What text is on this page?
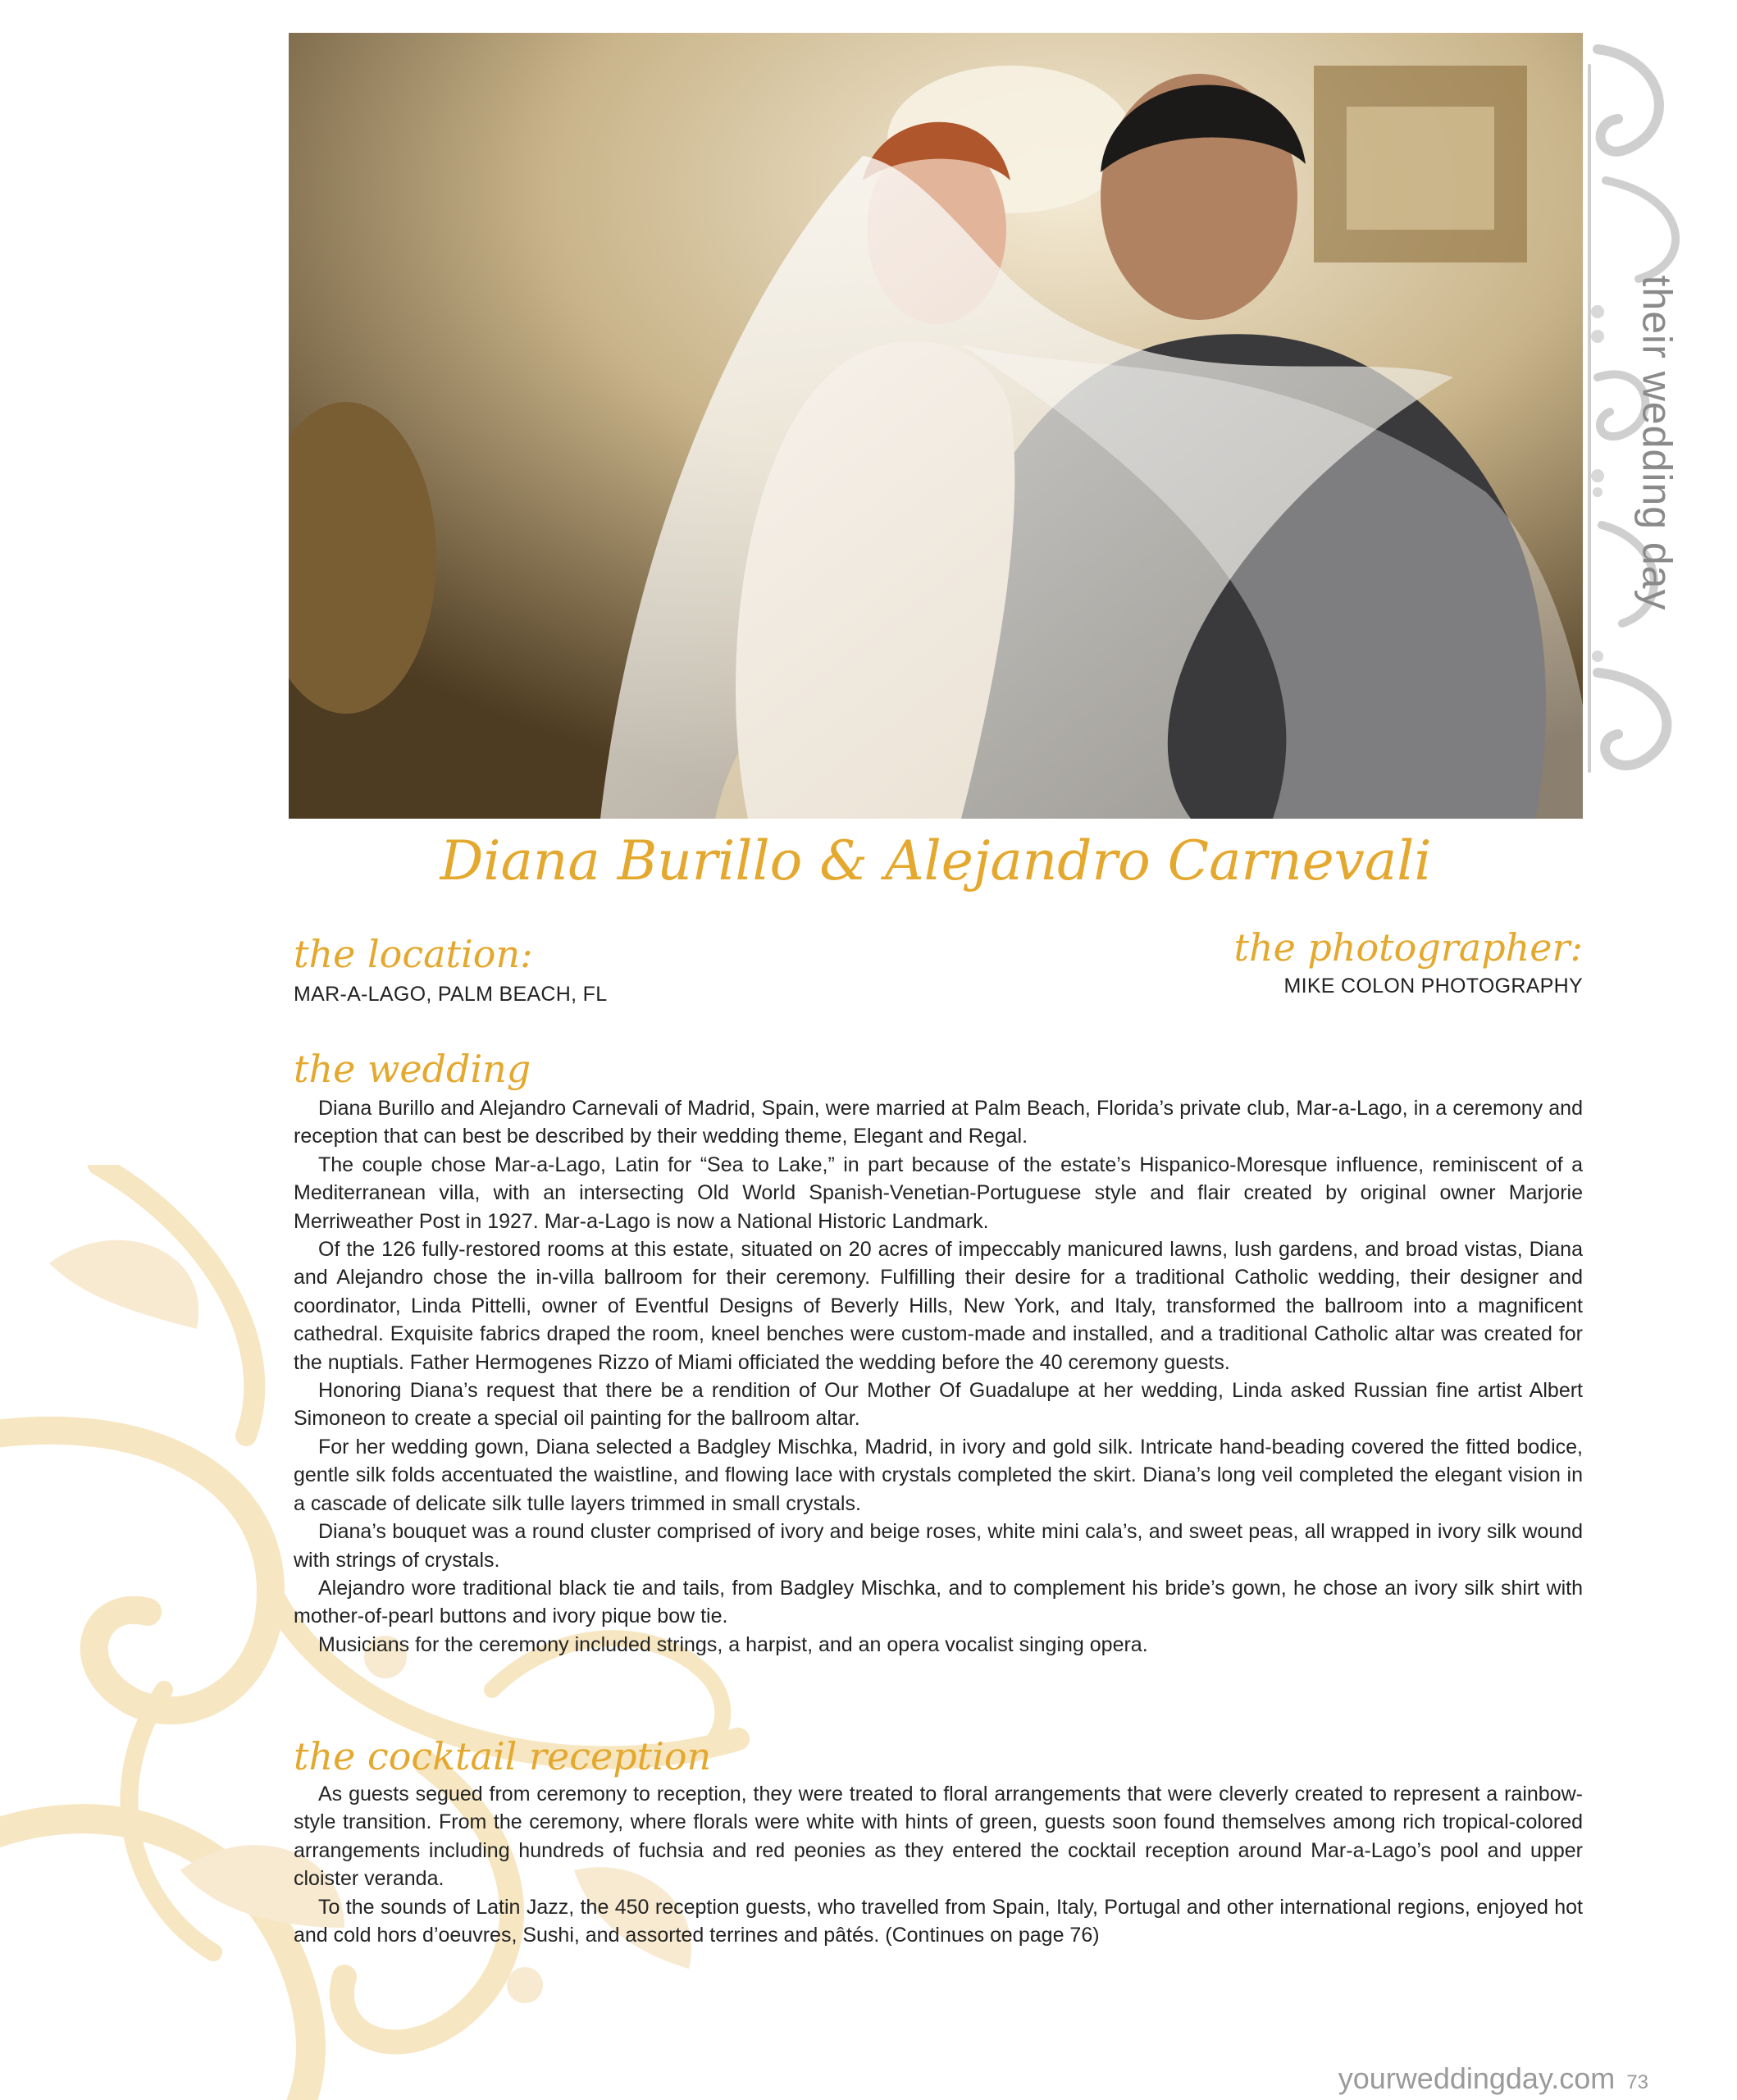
their wedding day
Diana Burillo & Alejandro Carnevali
the location:
MAR-A-LAGO, PALM BEACH, FL
the photographer:
MIKE COLON PHOTOGRAPHY
the wedding

Diana Burillo and Alejandro Carnevali of Madrid, Spain, were married at Palm Beach, Florida’s private club, Mar-a-Lago, in a ceremony and reception that can best be described by their wedding theme, Elegant and Regal.

The couple chose Mar-a-Lago, Latin for “Sea to Lake,” in part because of the estate’s Hispanico-Moresque influence, reminiscent of a Mediterranean villa, with an intersecting Old World Spanish-Venetian-Portuguese style and flair created by original owner Marjorie Merriweather Post in 1927. Mar-a-Lago is now a National Historic Landmark.

Of the 126 fully-restored rooms at this estate, situated on 20 acres of impeccably manicured lawns, lush gardens, and broad vistas, Diana and Alejandro chose the in-villa ballroom for their ceremony. Fulfilling their desire for a traditional Catholic wedding, their designer and coordinator, Linda Pittelli, owner of Eventful Designs of Beverly Hills, New York, and Italy, transformed the ballroom into a magnificent cathedral. Exquisite fabrics draped the room, kneel benches were custom-made and installed, and a traditional Catholic altar was created for the nuptials. Father Hermogenes Rizzo of Miami officiated the wedding before the 40 ceremony guests.

Honoring Diana’s request that there be a rendition of Our Mother Of Guadalupe at her wedding, Linda asked Russian fine artist Albert Simoneon to create a special oil painting for the ballroom altar.

For her wedding gown, Diana selected a Badgley Mischka, Madrid, in ivory and gold silk. Intricate hand-beading covered the fitted bodice, gentle silk folds accentuated the waistline, and flowing lace with crystals completed the skirt. Diana’s long veil completed the elegant vision in a cascade of delicate silk tulle layers trimmed in small crystals.

Diana’s bouquet was a round cluster comprised of ivory and beige roses, white mini cala’s, and sweet peas, all wrapped in ivory silk wound with strings of crystals.

Alejandro wore traditional black tie and tails, from Badgley Mischka, and to complement his bride’s gown, he chose an ivory silk shirt with mother-of-pearl buttons and ivory pique bow tie.

Musicians for the ceremony included strings, a harpist, and an opera vocalist singing opera.

the cocktail reception

As guests segued from ceremony to reception, they were treated to floral arrangements that were cleverly created to represent a rainbow-style transition. From the ceremony, where florals were white with hints of green, guests soon found themselves among rich tropical-colored arrangements including hundreds of fuchsia and red peonies as they entered the cocktail reception around Mar-a-Lago’s pool and upper cloister veranda.

To the sounds of Latin Jazz, the 450 reception guests, who travelled from Spain, Italy, Portugal and other international regions, enjoyed hot and cold hors d’oeuvres, Sushi, and assorted terrines and pâtés. (Continues on page 76)

yourweddingday.com 73
